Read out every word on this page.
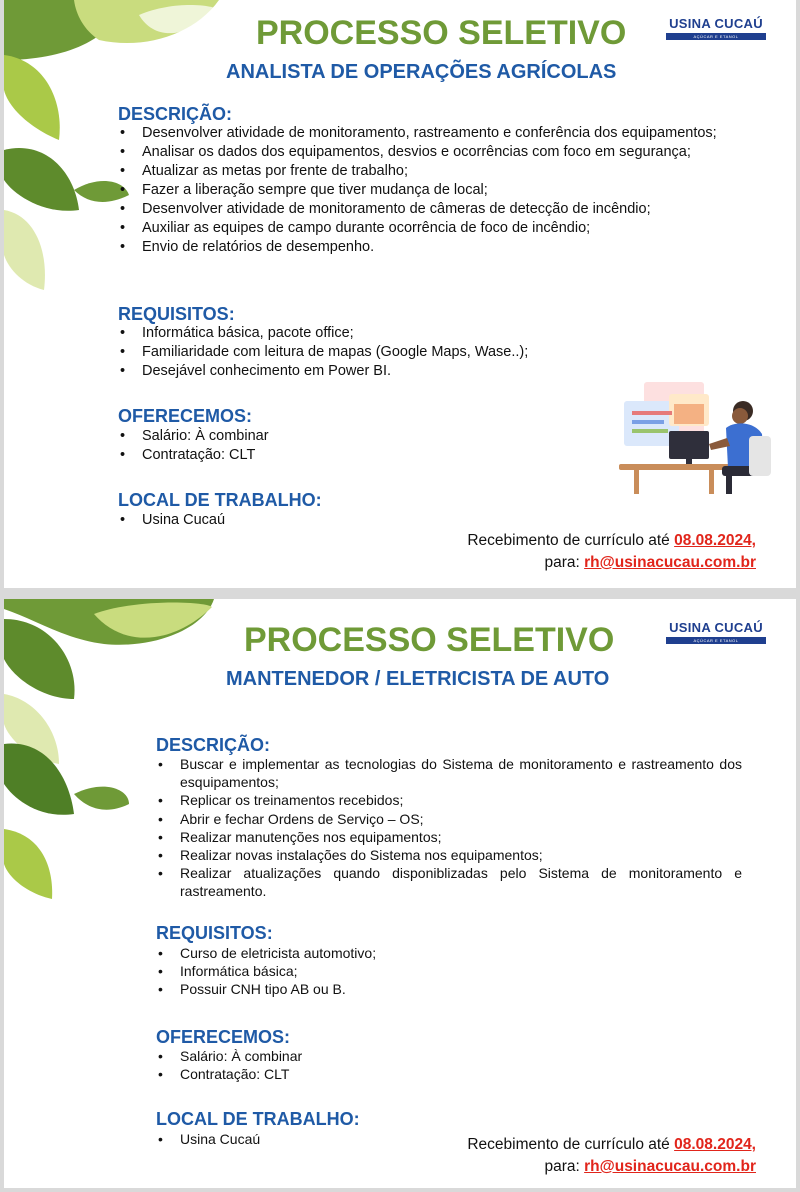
PROCESSO SELETIVO
ANALISTA DE OPERAÇÕES AGRÍCOLAS
USINA CUCAÚ
AÇÚCAR E ETANOL
DESCRIÇÃO:
• Desenvolver atividade de monitoramento, rastreamento e conferência dos equipamentos;
• Analisar os dados dos equipamentos, desvios e ocorrências com foco em segurança;
• Atualizar as metas por frente de trabalho;
• Fazer a liberação sempre que tiver mudança de local;
• Desenvolver atividade de monitoramento de câmeras de detecção de incêndio;
• Auxiliar as equipes de campo durante ocorrência de foco de incêndio;
• Envio de relatórios de desempenho.
REQUISITOS:
• Informática básica, pacote office;
• Familiaridade com leitura de mapas (Google Maps, Wase..);
• Desejável conhecimento em Power BI.
OFERECEMOS:
• Salário: À combinar
• Contratação: CLT
LOCAL DE TRABALHO:
• Usina Cucaú
Recebimento de currículo até 08.08.2024,
para: rh@usinacucau.com.br
PROCESSO SELETIVO
MANTENEDOR / ELETRICISTA DE AUTO
USINA CUCAÚ
AÇÚCAR E ETANOL
DESCRIÇÃO:
• Buscar e implementar as tecnologias do Sistema de monitoramento e rastreamento dos esquipamentos;
• Replicar os treinamentos recebidos;
• Abrir e fechar Ordens de Serviço – OS;
• Realizar manutenções nos equipamentos;
• Realizar novas instalações do Sistema nos equipamentos;
• Realizar atualizações quando disponiblizadas pelo Sistema de monitoramento e rastreamento.
REQUISITOS:
• Curso de eletricista automotivo;
• Informática básica;
• Possuir CNH tipo AB ou B.
OFERECEMOS:
• Salário: À combinar
• Contratação: CLT
LOCAL DE TRABALHO:
• Usina Cucaú	Recebimento de currículo até 08.08.2024,
para: rh@usinacucau.com.br
